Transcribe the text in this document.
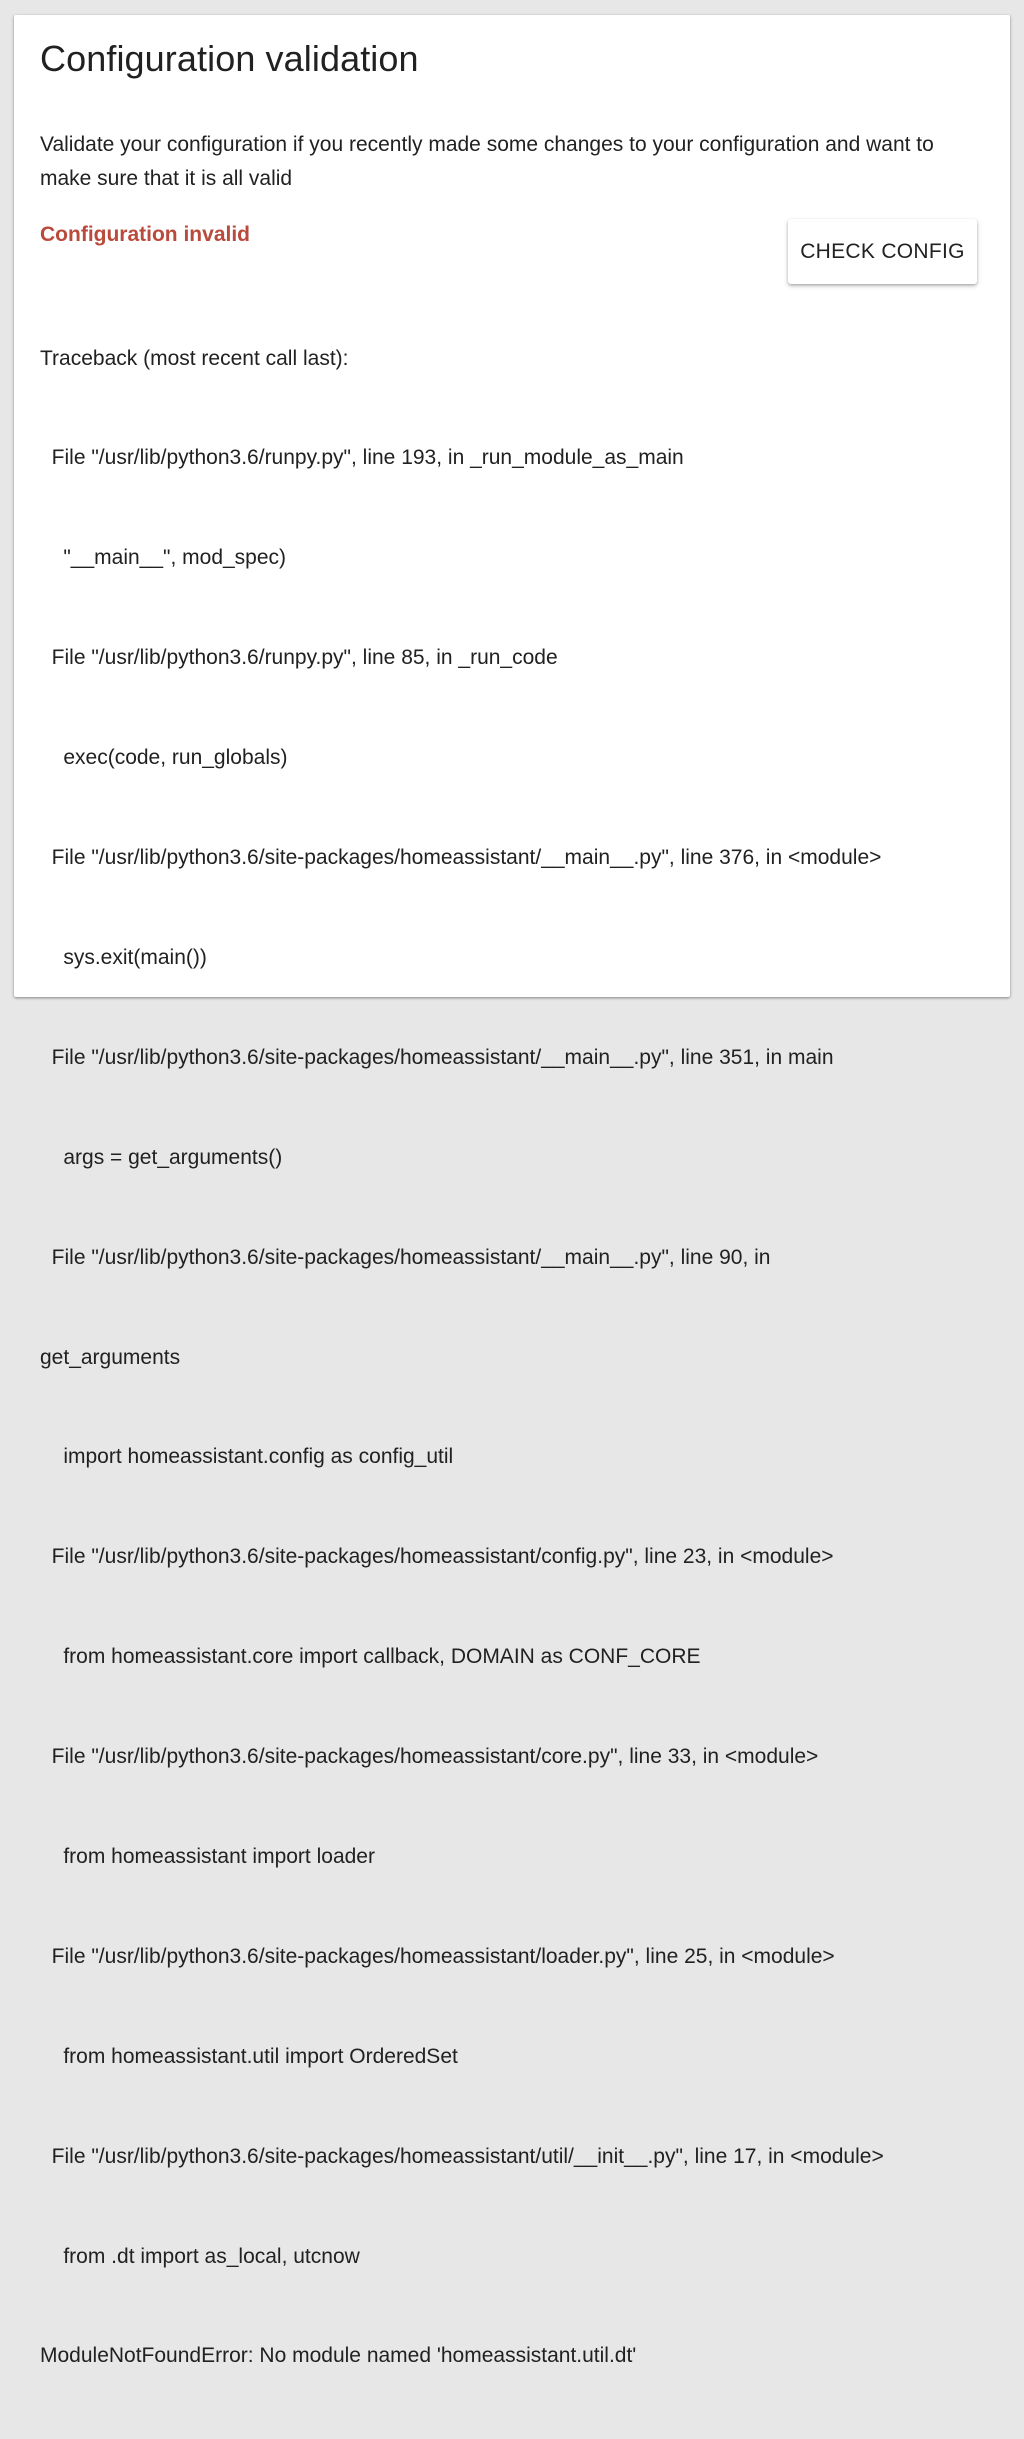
Configuration validation

Validate your configuration if you recently made some changes to your configuration and want to make sure that it is all valid

Configuration invalid
CHECK CONFIG

Traceback (most recent call last):

File "/usr/lib/python3.6/runpy.py", line 193, in _run_module_as_main

"__main__", mod_spec)

File "/usr/lib/python3.6/runpy.py", line 85, in _run_code

exec(code, run_globals)

File "/usr/lib/python3.6/site-packages/homeassistant/__main__.py", line 376, in <module>

sys.exit(main())

File "/usr/lib/python3.6/site-packages/homeassistant/__main__.py", line 351, in main

args = get_arguments()

File "/usr/lib/python3.6/site-packages/homeassistant/__main__.py", line 90, in

get_arguments

import homeassistant.config as config_util

File "/usr/lib/python3.6/site-packages/homeassistant/config.py", line 23, in <module>

from homeassistant.core import callback, DOMAIN as CONF_CORE

File "/usr/lib/python3.6/site-packages/homeassistant/core.py", line 33, in <module>

from homeassistant import loader

File "/usr/lib/python3.6/site-packages/homeassistant/loader.py", line 25, in <module>

from homeassistant.util import OrderedSet

File "/usr/lib/python3.6/site-packages/homeassistant/util/__init__.py", line 17, in <module>

from .dt import as_local, utcnow

ModuleNotFoundError: No module named 'homeassistant.util.dt'
